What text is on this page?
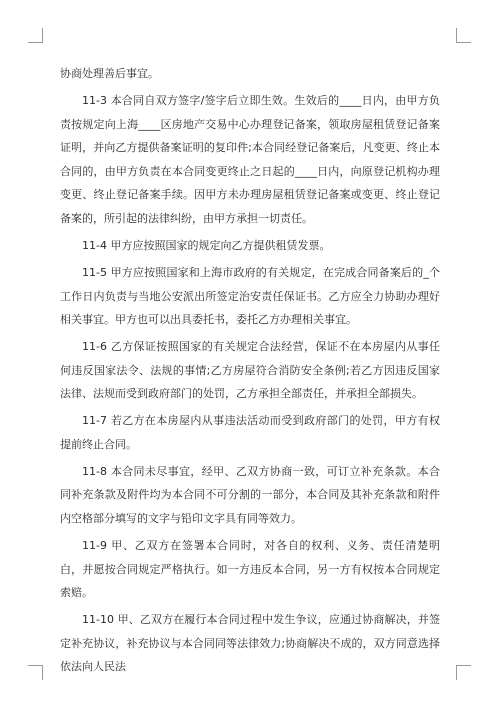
协商处理善后事宜。

11-3 本合同自双方签字/签字后立即生效。生效后的____日内，由甲方负责按规定向上海____区房地产交易中心办理登记备案，领取房屋租赁登记备案证明，并向乙方提供备案证明的复印件;本合同经登记备案后，凡变更、终止本合同的，由甲方负责在本合同变更终止之日起的____日内，向原登记机构办理变更、终止登记备案手续。因甲方未办理房屋租赁登记备案或变更、终止登记备案的，所引起的法律纠纷，由甲方承担一切责任。

11-4 甲方应按照国家的规定向乙方提供租赁发票。

11-5 甲方应按照国家和上海市政府的有关规定，在完成合同备案后的_个工作日内负责与当地公安派出所签定治安责任保证书。乙方应全力协助办理好相关事宜。甲方也可以出具委托书，委托乙方办理相关事宜。

11-6 乙方保证按照国家的有关规定合法经营，保证不在本房屋内从事任何违反国家法令、法规的事情;乙方房屋符合消防安全条例;若乙方因违反国家法律、法规而受到政府部门的处罚，乙方承担全部责任，并承担全部损失。

11-7 若乙方在本房屋内从事违法活动而受到政府部门的处罚，甲方有权提前终止合同。

11-8 本合同未尽事宜，经甲、乙双方协商一致，可订立补充条款。本合同补充条款及附件均为本合同不可分割的一部分，本合同及其补充条款和附件内空格部分填写的文字与铅印文字具有同等效力。

11-9 甲、乙双方在签署本合同时，对各自的权利、义务、责任清楚明白，并愿按合同规定严格执行。如一方违反本合同，另一方有权按本合同规定索赔。

11-10 甲、乙双方在履行本合同过程中发生争议，应通过协商解决，并签定补充协议，补充协议与本合同同等法律效力;协商解决不成的，双方同意选择依法向人民法
